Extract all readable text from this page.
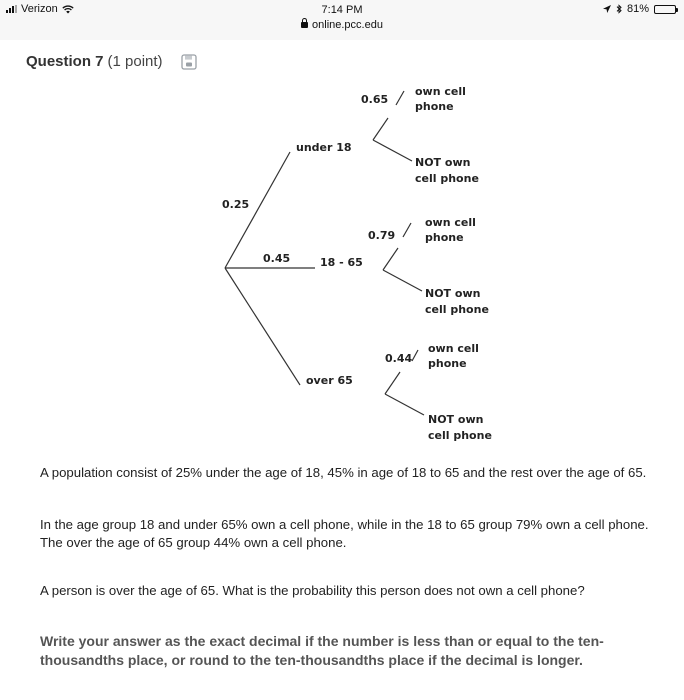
Verizon	7:14 PM
online.pcc.edu
81%
Question 7 (1 point)
0.25
under 18
0.45	18 - 65
over 65
0.65
own cell
phone
NOT own
cell phone
0.79
own cell
phone
NOT own
cell phone
0.44
own cell
phone
NOT own
cell phone

A population consist of 25% under the age of 18, 45% in age of 18 to 65 and the rest over the age of 65.

In the age group 18 and under 65% own a cell phone, while in the 18 to 65 group 79% own a cell phone. The over the age of 65 group 44% own a cell phone.

A person is over the age of 65. What is the probability this person does not own a cell phone?

Write your answer as the exact decimal if the number is less than or equal to the ten-thousandths place, or round to the ten-thousandths place if the decimal is longer.
